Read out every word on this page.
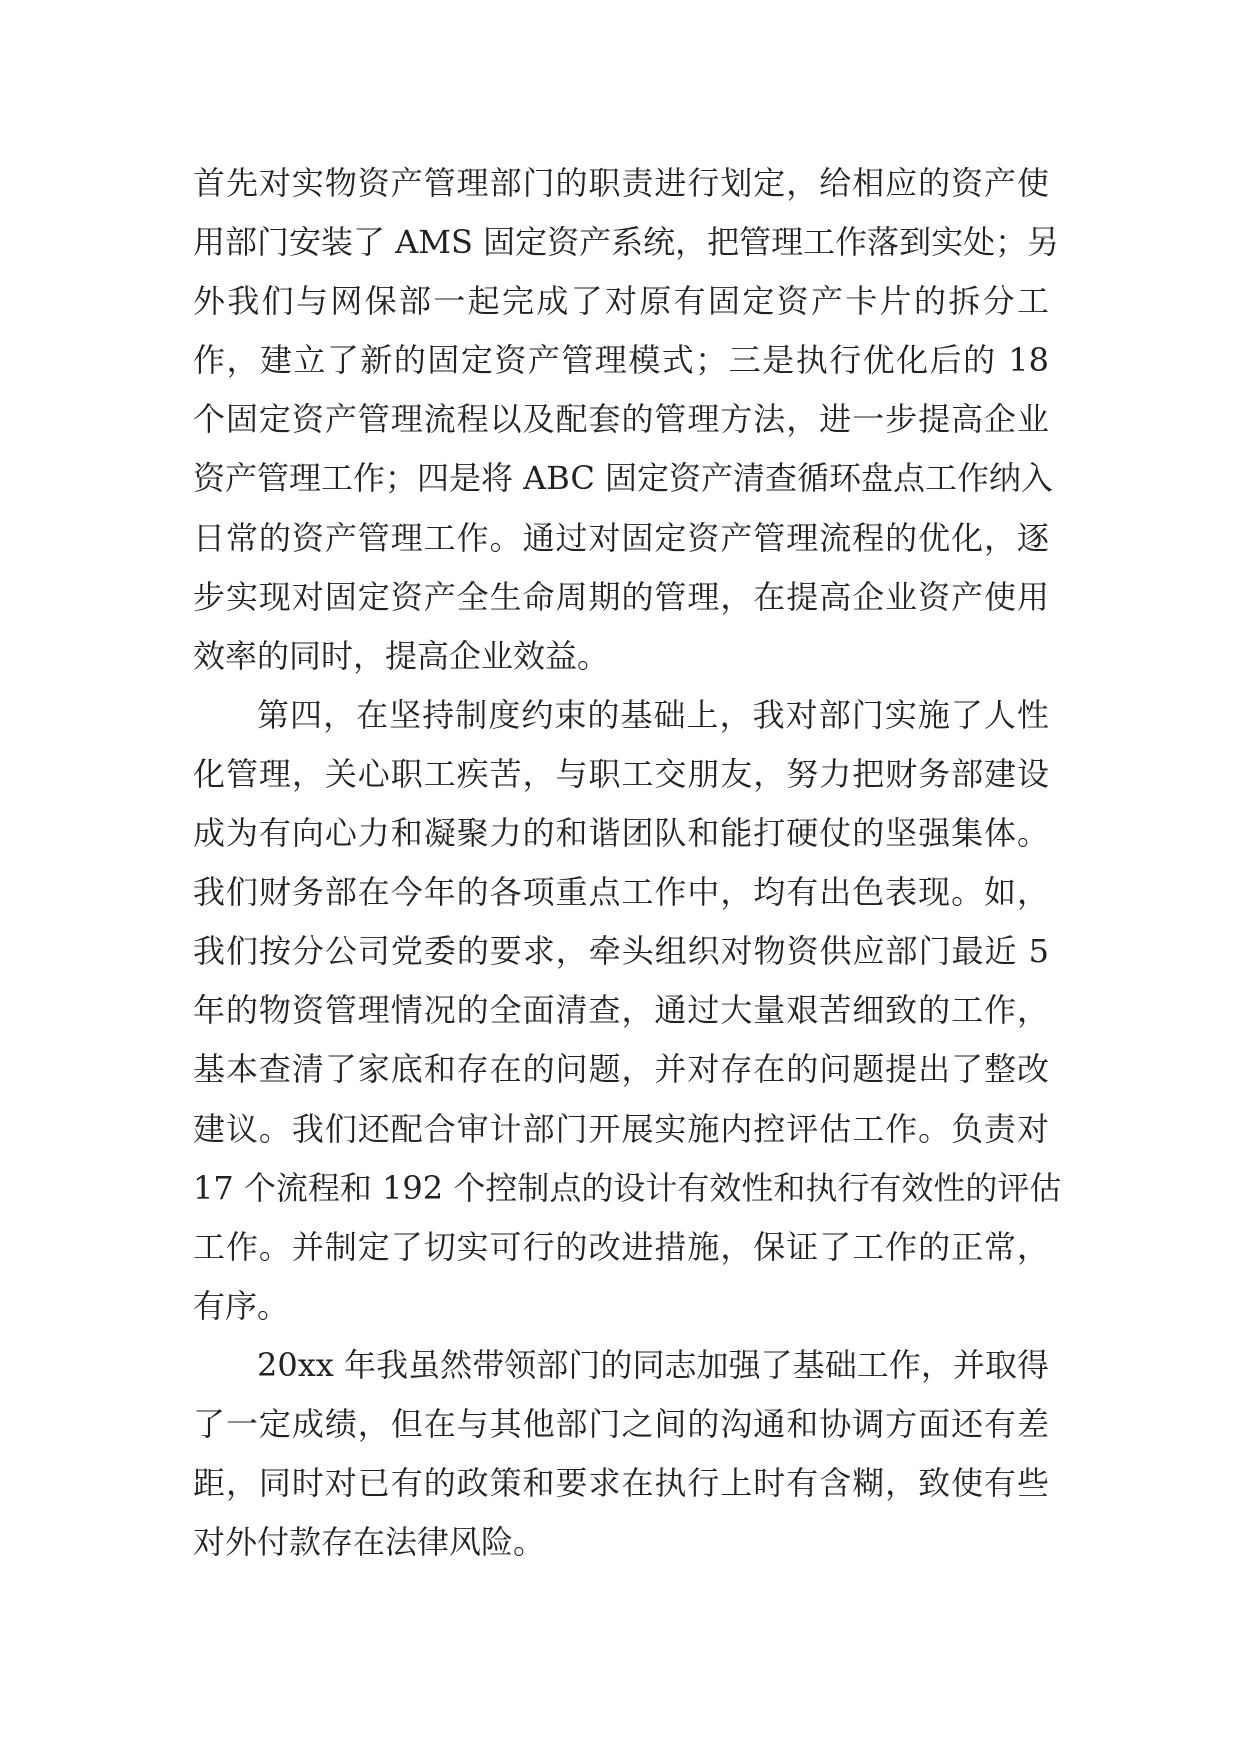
首先对实物资产管理部门的职责进行划定，给相应的资产使
用部门安装了 AMS 固定资产系统，把管理工作落到实处；另
外我们与网保部一起完成了对原有固定资产卡片的拆分工
作，建立了新的固定资产管理模式；三是执行优化后的 18
个固定资产管理流程以及配套的管理方法，进一步提高企业
资产管理工作；四是将 ABC 固定资产清查循环盘点工作纳入
日常的资产管理工作。通过对固定资产管理流程的优化，逐
步实现对固定资产全生命周期的管理，在提高企业资产使用
效率的同时，提高企业效益。
第四，在坚持制度约束的基础上，我对部门实施了人性
化管理，关心职工疾苦，与职工交朋友，努力把财务部建设
成为有向心力和凝聚力的和谐团队和能打硬仗的坚强集体。
我们财务部在今年的各项重点工作中，均有出色表现。如，
我们按分公司党委的要求，牵头组织对物资供应部门最近 5
年的物资管理情况的全面清查，通过大量艰苦细致的工作，
基本查清了家底和存在的问题，并对存在的问题提出了整改
建议。我们还配合审计部门开展实施内控评估工作。负责对
17 个流程和 192 个控制点的设计有效性和执行有效性的评估
工作。并制定了切实可行的改进措施，保证了工作的正常，
有序。
20xx 年我虽然带领部门的同志加强了基础工作，并取得
了一定成绩，但在与其他部门之间的沟通和协调方面还有差
距，同时对已有的政策和要求在执行上时有含糊，致使有些
对外付款存在法律风险。
